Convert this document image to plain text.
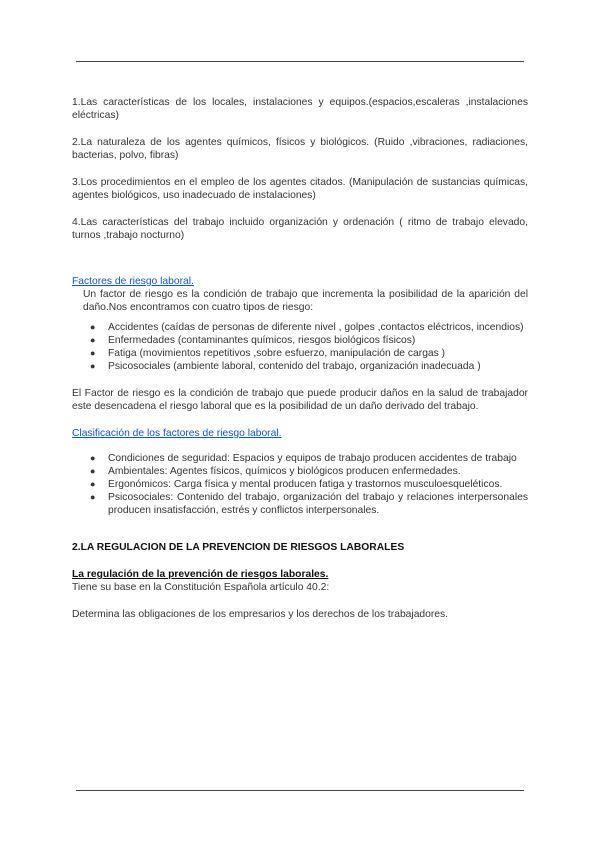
1.Las características de los locales, instalaciones y equipos.(espacios,escaleras ,instalaciones eléctricas)

2.La naturaleza de los agentes químicos, físicos y biológicos. (Ruido ,vibraciones, radiaciones, bacterias, polvo, fibras)

3.Los procedimientos en el empleo de los agentes citados. (Manipulación de sustancias químicas, agentes biológicos, uso inadecuado de instalaciones)

4.Las características del trabajo incluido organización y ordenación ( ritmo de trabajo elevado, turnos ,trabajo nocturno)

Factores de riesgo laboral.

Un factor de riesgo es la condición de trabajo que incrementa la posibilidad de la aparición del daño.Nos encontramos con cuatro tipos de riesgo:

● Accidentes (caídas de personas de diferente nivel , golpes ,contactos eléctricos, incendios)
● Enfermedades (contaminantes químicos, riesgos biológicos físicos)
● Fatiga (movimientos repetitivos ,sobre esfuerzo, manipulación de cargas )
● Psicosociales (ambiente laboral, contenido del trabajo, organización inadecuada )

El Factor de riesgo es la condición de trabajo que puede producir daños en la salud de trabajador este desencadena el riesgo laboral que es la posibilidad de un daño derivado del trabajo.

Clasificación de los factores de riesgo laboral.

● Condiciones de seguridad: Espacios y equipos de trabajo producen accidentes de trabajo
● Ambientales: Agentes físicos, químicos y biológicos producen enfermedades.
● Ergonómicos: Carga física y mental producen fatiga y trastornos musculoesqueléticos.
● Psicosociales: Contenido del trabajo, organización del trabajo y relaciones interpersonales producen insatisfacción, estrés y conflictos interpersonales.

2.LA REGULACION DE LA PREVENCION DE RIESGOS LABORALES

La regulación de la prevención de riesgos laborales.

Tiene su base en la Constitución Española artículo 40.2:

Determina las obligaciones de los empresarios y los derechos de los trabajadores.
